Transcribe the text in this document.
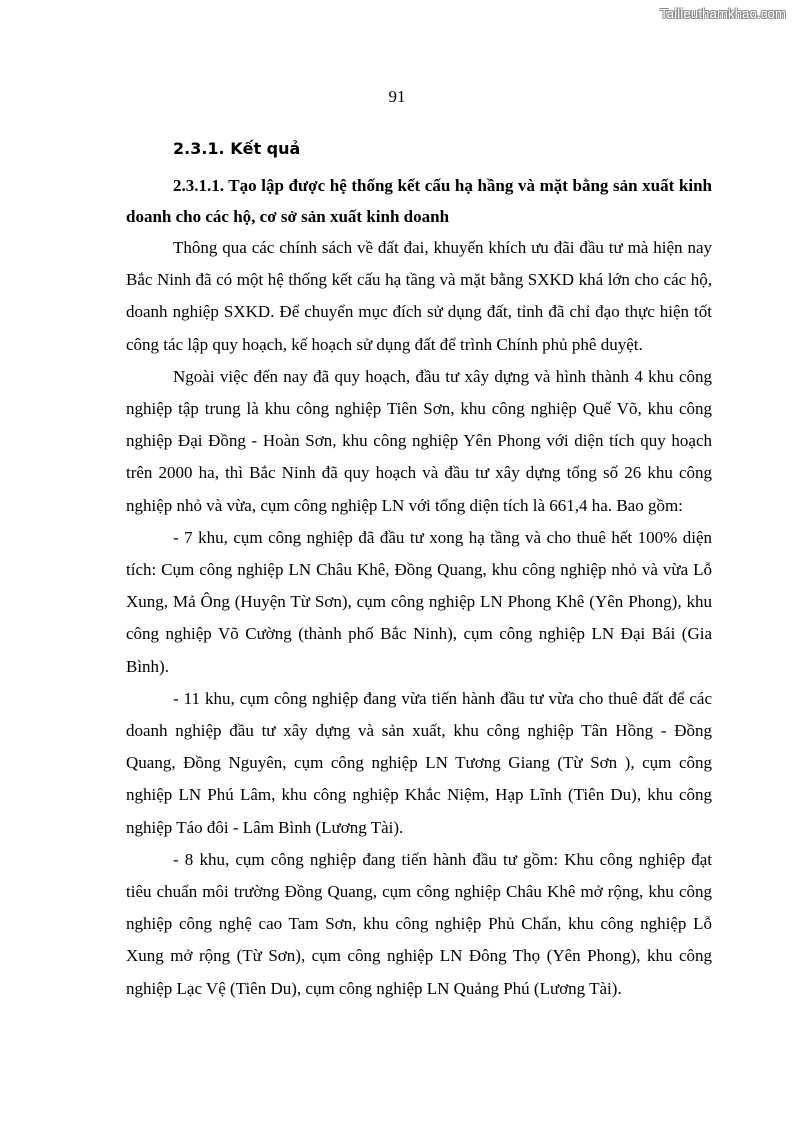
Tailieuthamkhao.com
91
2.3.1. Kết quả

2.3.1.1. Tạo lập được hệ thống kết cấu hạ hầng và mặt bằng sản xuất kinh doanh cho các hộ, cơ sở sản xuất kinh doanh

Thông qua các chính sách về đất đai, khuyến khích ưu đãi đầu tư mà hiện nay Bắc Ninh đã có một hệ thống kết cấu hạ tầng và mặt bằng SXKD khá lớn cho các hộ, doanh nghiệp SXKD. Để chuyển mục đích sử dụng đất, tỉnh đã chỉ đạo thực hiện tốt công tác lập quy hoạch, kế hoạch sử dụng đất để trình Chính phủ phê duyệt.

Ngoài việc đến nay đã quy hoạch, đầu tư xây dựng và hình thành 4 khu công nghiệp tập trung là khu công nghiệp Tiên Sơn, khu công nghiệp Quế Võ, khu công nghiệp Đại Đồng - Hoàn Sơn, khu công nghiệp Yên Phong với diện tích quy hoạch trên 2000 ha, thì Bắc Ninh đã quy hoạch và đầu tư xây dựng tổng số 26 khu công nghiệp nhỏ và vừa, cụm công nghiệp LN với tổng diện tích là 661,4 ha. Bao gồm:

- 7 khu, cụm công nghiệp đã đầu tư xong hạ tầng và cho thuê hết 100% diện tích: Cụm công nghiệp LN Châu Khê, Đồng Quang, khu công nghiệp nhỏ và vừa Lỗ Xung, Mả Ông (Huyện Từ Sơn), cụm công nghiệp LN Phong Khê (Yên Phong), khu công nghiệp Võ Cường (thành phố Bắc Ninh), cụm công nghiệp LN Đại Bái (Gia Bình).

- 11 khu, cụm công nghiệp đang vừa tiến hành đầu tư vừa cho thuê đất để các doanh nghiệp đầu tư xây dựng và sản xuất, khu công nghiệp Tân Hồng - Đồng Quang, Đồng Nguyên, cụm công nghiệp LN Tương Giang (Từ Sơn ), cụm công nghiệp LN Phú Lâm, khu công nghiệp Khắc Niệm, Hạp Lĩnh (Tiên Du), khu công nghiệp Táo đôi - Lâm Bình (Lương Tài).

- 8 khu, cụm công nghiệp đang tiến hành đầu tư gồm: Khu công nghiệp đạt tiêu chuẩn môi trường Đồng Quang, cụm công nghiệp Châu Khê mở rộng, khu công nghiệp công nghệ cao Tam Sơn, khu công nghiệp Phủ Chẩn, khu công nghiệp Lỗ Xung mở rộng (Từ Sơn), cụm công nghiệp LN Đông Thọ (Yên Phong), khu công nghiệp Lạc Vệ (Tiên Du), cụm công nghiệp LN Quảng Phú (Lương Tài).
